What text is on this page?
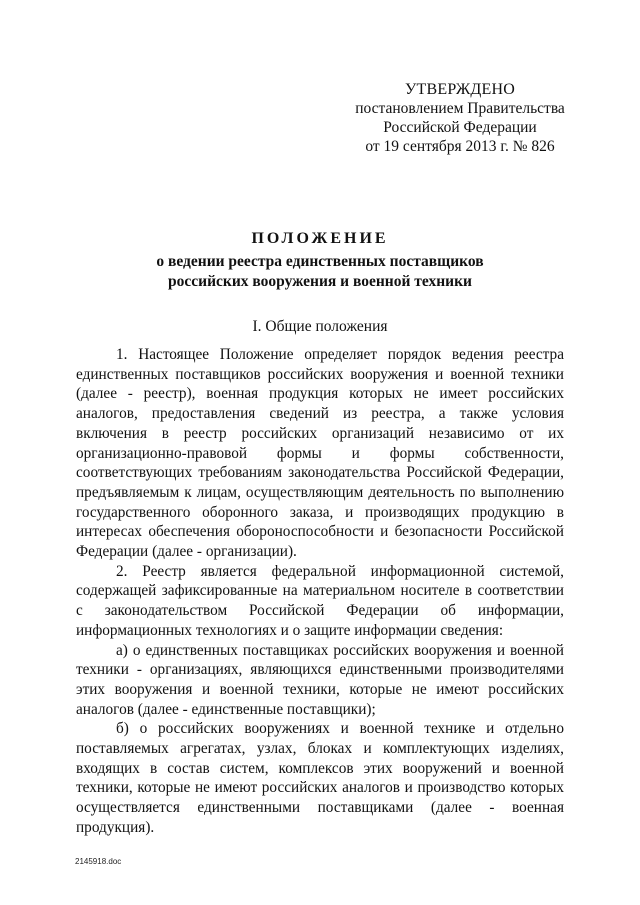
УТВЕРЖДЕНО
постановлением Правительства
Российской Федерации
от 19 сентября 2013 г. № 826
ПОЛОЖЕНИЕ
о ведении реестра единственных поставщиков
российских вооружения и военной техники
I. Общие положения

1. Настоящее Положение определяет порядок ведения реестра единственных поставщиков российских вооружения и военной техники (далее - реестр), военная продукция которых не имеет российских аналогов, предоставления сведений из реестра, а также условия включения в реестр российских организаций независимо от их организационно-правовой формы и формы собственности, соответствующих требованиям законодательства Российской Федерации, предъявляемым к лицам, осуществляющим деятельность по выполнению государственного оборонного заказа, и производящих продукцию в интересах обеспечения обороноспособности и безопасности Российской Федерации (далее - организации).

2. Реестр является федеральной информационной системой, содержащей зафиксированные на материальном носителе в соответствии с законодательством Российской Федерации об информации, информационных технологиях и о защите информации сведения:

а) о единственных поставщиках российских вооружения и военной техники - организациях, являющихся единственными производителями этих вооружения и военной техники, которые не имеют российских аналогов (далее - единственные поставщики);

б) о российских вооружениях и военной технике и отдельно поставляемых агрегатах, узлах, блоках и комплектующих изделиях, входящих в состав систем, комплексов этих вооружений и военной техники, которые не имеют российских аналогов и производство которых осуществляется единственными поставщиками (далее - военная продукция).

2145918.doc
